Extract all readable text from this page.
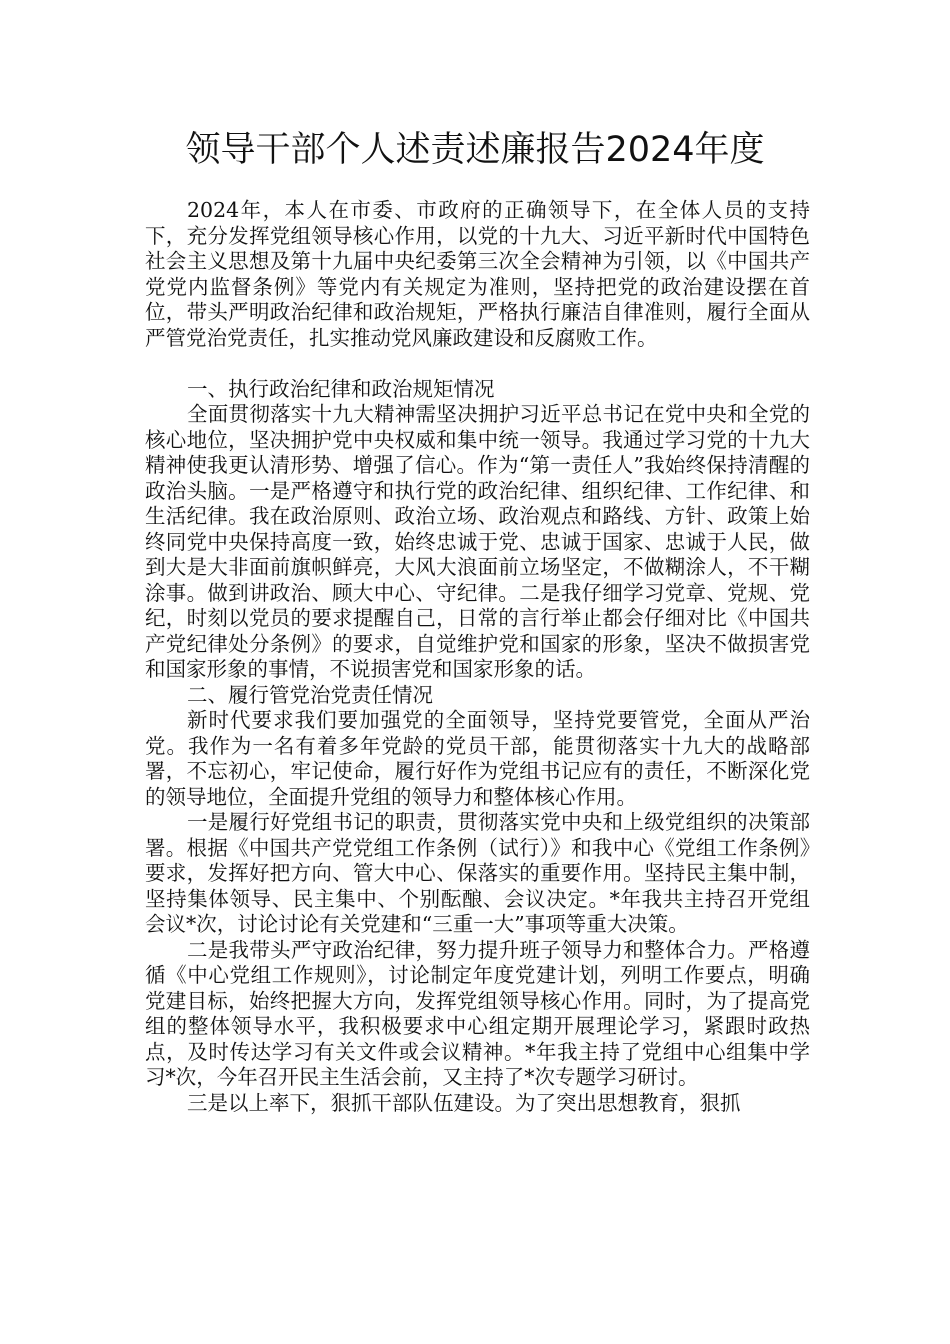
领导干部个人述责述廉报告2024年度

2024年，本人在市委、市政府的正确领导下，在全体人员的支持下，充分发挥党组领导核心作用，以党的十九大、习近平新时代中国特色社会主义思想及第十九届中央纪委第三次全会精神为引领，以《中国共产党党内监督条例》等党内有关规定为准则，坚持把党的政治建设摆在首位，带头严明政治纪律和政治规矩，严格执行廉洁自律准则，履行全面从严管党治党责任，扎实推动党风廉政建设和反腐败工作。

一、执行政治纪律和政治规矩情况

全面贯彻落实十九大精神需坚决拥护习近平总书记在党中央和全党的核心地位，坚决拥护党中央权威和集中统一领导。我通过学习党的十九大精神使我更认清形势、增强了信心。作为“第一责任人”我始终保持清醒的政治头脑。一是严格遵守和执行党的政治纪律、组织纪律、工作纪律、和生活纪律。我在政治原则、政治立场、政治观点和路线、方针、政策上始终同党中央保持高度一致，始终忠诚于党、忠诚于国家、忠诚于人民，做到大是大非面前旗帜鲜亮，大风大浪面前立场坚定，不做糊涂人，不干糊涂事。做到讲政治、顾大中心、守纪律。二是我仔细学习党章、党规、党纪，时刻以党员的要求提醒自己，日常的言行举止都会仔细对比《中国共产党纪律处分条例》的要求，自觉维护党和国家的形象，坚决不做损害党和国家形象的事情，不说损害党和国家形象的话。

二、履行管党治党责任情况

新时代要求我们要加强党的全面领导，坚持党要管党，全面从严治党。我作为一名有着多年党龄的党员干部，能贯彻落实十九大的战略部署，不忘初心，牢记使命，履行好作为党组书记应有的责任，不断深化党的领导地位，全面提升党组的领导力和整体核心作用。

一是履行好党组书记的职责，贯彻落实党中央和上级党组织的决策部署。根据《中国共产党党组工作条例（试行）》和我中心《党组工作条例》要求，发挥好把方向、管大中心、保落实的重要作用。坚持民主集中制，坚持集体领导、民主集中、个别酝酿、会议决定。*年我共主持召开党组会议*次，讨论讨论有关党建和“三重一大”事项等重大决策。

二是我带头严守政治纪律，努力提升班子领导力和整体合力。严格遵循《中心党组工作规则》，讨论制定年度党建计划，列明工作要点，明确党建目标，始终把握大方向，发挥党组领导核心作用。同时，为了提高党组的整体领导水平，我积极要求中心组定期开展理论学习，紧跟时政热点，及时传达学习有关文件或会议精神。*年我主持了党组中心组集中学习*次，今年召开民主生活会前，又主持了*次专题学习研讨。

三是以上率下，狠抓干部队伍建设。为了突出思想教育，狠抓
